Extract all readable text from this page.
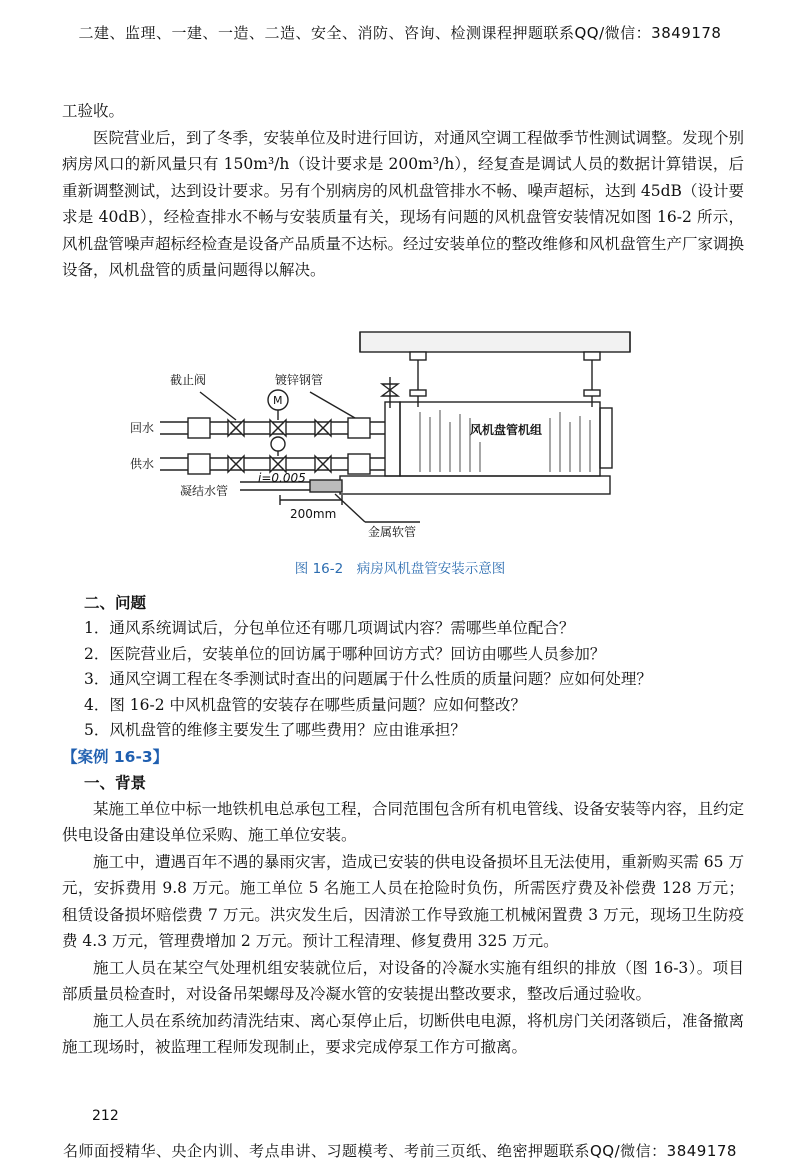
二建、监理、一建、一造、二造、安全、消防、咨询、检测课程押题联系QQ/微信：3849178

工验收。

医院营业后，到了冬季，安装单位及时进行回访，对通风空调工程做季节性测试调整。发现个别病房风口的新风量只有 150m³/h（设计要求是 200m³/h），经复查是调试人员的数据计算错误，后重新调整测试，达到设计要求。另有个别病房的风机盘管排水不畅、噪声超标，达到 45dB（设计要求是 40dB），经检查排水不畅与安装质量有关，现场有问题的风机盘管安装情况如图 16-2 所示，风机盘管噪声超标经检查是设备产品质量不达标。经过安装单位的整改维修和风机盘管生产厂家调换设备，风机盘管的质量问题得以解决。

截止阀	镀锌钢管
回水
供水
凝结水管
i=0.005
200mm
金属软管
风机盘管机组
M
图 16-2　病房风机盘管安装示意图

二、问题

1．通风系统调试后，分包单位还有哪几项调试内容？需哪些单位配合？

2．医院营业后，安装单位的回访属于哪种回访方式？回访由哪些人员参加？

3．通风空调工程在冬季测试时查出的问题属于什么性质的质量问题？应如何处理？

4．图 16-2 中风机盘管的安装存在哪些质量问题？应如何整改？

5．风机盘管的维修主要发生了哪些费用？应由谁承担？

【案例 16-3】

一、背景

某施工单位中标一地铁机电总承包工程，合同范围包含所有机电管线、设备安装等内容，且约定供电设备由建设单位采购、施工单位安装。

施工中，遭遇百年不遇的暴雨灾害，造成已安装的供电设备损坏且无法使用，重新购买需 65 万元，安拆费用 9.8 万元。施工单位 5 名施工人员在抢险时负伤，所需医疗费及补偿费 128 万元；租赁设备损坏赔偿费 7 万元。洪灾发生后，因清淤工作导致施工机械闲置费 3 万元，现场卫生防疫费 4.3 万元，管理费增加 2 万元。预计工程清理、修复费用 325 万元。

施工人员在某空气处理机组安装就位后，对设备的冷凝水实施有组织的排放（图 16-3）。项目部质量员检查时，对设备吊架螺母及冷凝水管的安装提出整改要求，整改后通过验收。

施工人员在系统加药清洗结束、离心泵停止后，切断供电电源，将机房门关闭落锁后，准备撤离施工现场时，被监理工程师发现制止，要求完成停泵工作方可撤离。

212
名师面授精华、央企内训、考点串讲、习题模考、考前三页纸、绝密押题联系QQ/微信：3849178
